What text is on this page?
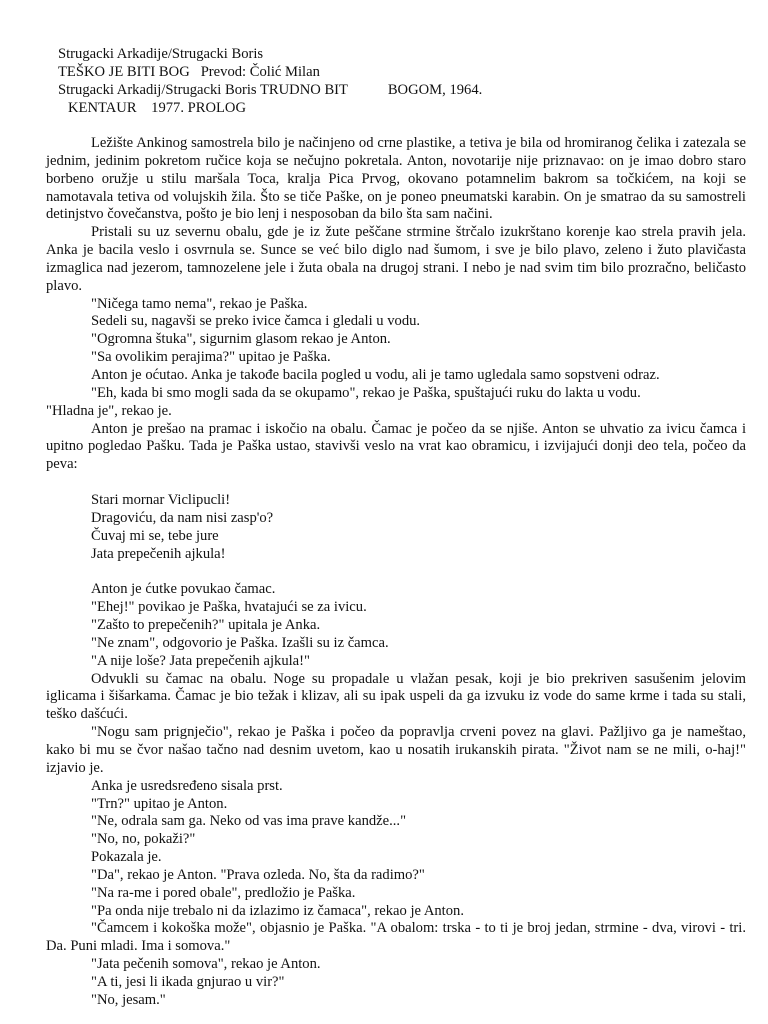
Strugacki Arkadije/Strugacki Boris
TEŠKO JE BITI BOG   Prevod: Čolić Milan
Strugacki Arkadij/Strugacki Boris TRUDNO BIT           BOGOM, 1964.
KENTAUR    1977. PROLOG

Ležište Ankinog samostrela bilo je načinjeno od crne plastike, a tetiva je bila od hromiranog čelika i zatezala se jednim, jedinim pokretom ručice koja se nečujno pokretala. Anton, novotarije nije priznavao: on je imao dobro staro borbeno oružje u stilu maršala Toca, kralja Pica Prvog, okovano potamnelim bakrom sa točkićem, na koji se namotavala tetiva od volujskih žila. Što se tiče Paške, on je poneo pneumatski karabin. On je smatrao da su samostreli detinjstvo čovečanstva, pošto je bio lenj i nesposoban da bilo šta sam načini.

Pristali su uz severnu obalu, gde je iz žute peščane strmine štrčalo izukrštano korenje kao strela pravih jela. Anka je bacila veslo i osvrnula se. Sunce se već bilo diglo nad šumom, i sve je bilo plavo, zeleno i žuto plavičasta izmaglica nad jezerom, tamnozelene jele i žuta obala na drugoj strani. I nebo je nad svim tim bilo prozračno, beličasto plavo.

"Ničega tamo nema", rekao je Paška.

Sedeli su, nagavši se preko ivice čamca i gledali u vodu.

"Ogromna štuka", sigurnim glasom rekao je Anton.

"Sa ovolikim perajima?" upitao je Paška.

Anton je oćutao. Anka je takođe bacila pogled u vodu, ali je tamo ugledala samo sopstveni odraz.

"Eh, kada bi smo mogli sada da se okupamo", rekao je Paška, spuštajući ruku do lakta u vodu.

"Hladna je", rekao je.

Anton je prešao na pramac i iskočio na obalu. Čamac je počeo da se njiše. Anton se uhvatio za ivicu čamca i upitno pogledao Pašku. Tada je Paška ustao, stavivši veslo na vrat kao obramicu, i izvijajući donji deo tela, počeo da peva:

Stari mornar Viclipucli!

Dragoviću, da nam nisi zasp'o?

Čuvaj mi se, tebe jure

Jata prepečenih ajkula!

Anton je ćutke povukao čamac.

"Ehej!" povikao je Paška, hvatajući se za ivicu.

"Zašto to prepečenih?" upitala je Anka.

"Ne znam", odgovorio je Paška. Izašli su iz čamca.

"A nije loše? Jata prepečenih ajkula!"

Odvukli su čamac na obalu. Noge su propadale u vlažan pesak, koji je bio prekriven sasušenim jelovim iglicama i šišarkama. Čamac je bio težak i klizav, ali su ipak uspeli da ga izvuku iz vode do same krme i tada su stali, teško dašćući.

"Nogu sam prignječio", rekao je Paška i počeo da popravlja crveni povez na glavi. Pažljivo ga je nameštao, kako bi mu se čvor našao tačno nad desnim uvetom, kao u nosatih irukanskih pirata. "Život nam se ne mili, o-haj!" izjavio je.

Anka je usredsređeno sisala prst.

"Trn?" upitao je Anton.

"Ne, odrala sam ga. Neko od vas ima prave kandže..."

"No, no, pokaži?"

Pokazala je.

"Da", rekao je Anton. "Prava ozleda. No, šta da radimo?"

"Na ra-me i pored obale", predložio je Paška.

"Pa onda nije trebalo ni da izlazimo iz čamaca", rekao je Anton.

"Čamcem i kokoška može", objasnio je Paška. "A obalom: trska - to ti je broj jedan, strmine - dva, virovi - tri. Da. Puni mladi. Ima i somova."

"Jata pečenih somova", rekao je Anton.

"A ti, jesi li ikada gnjurao u vir?"

"No, jesam."
